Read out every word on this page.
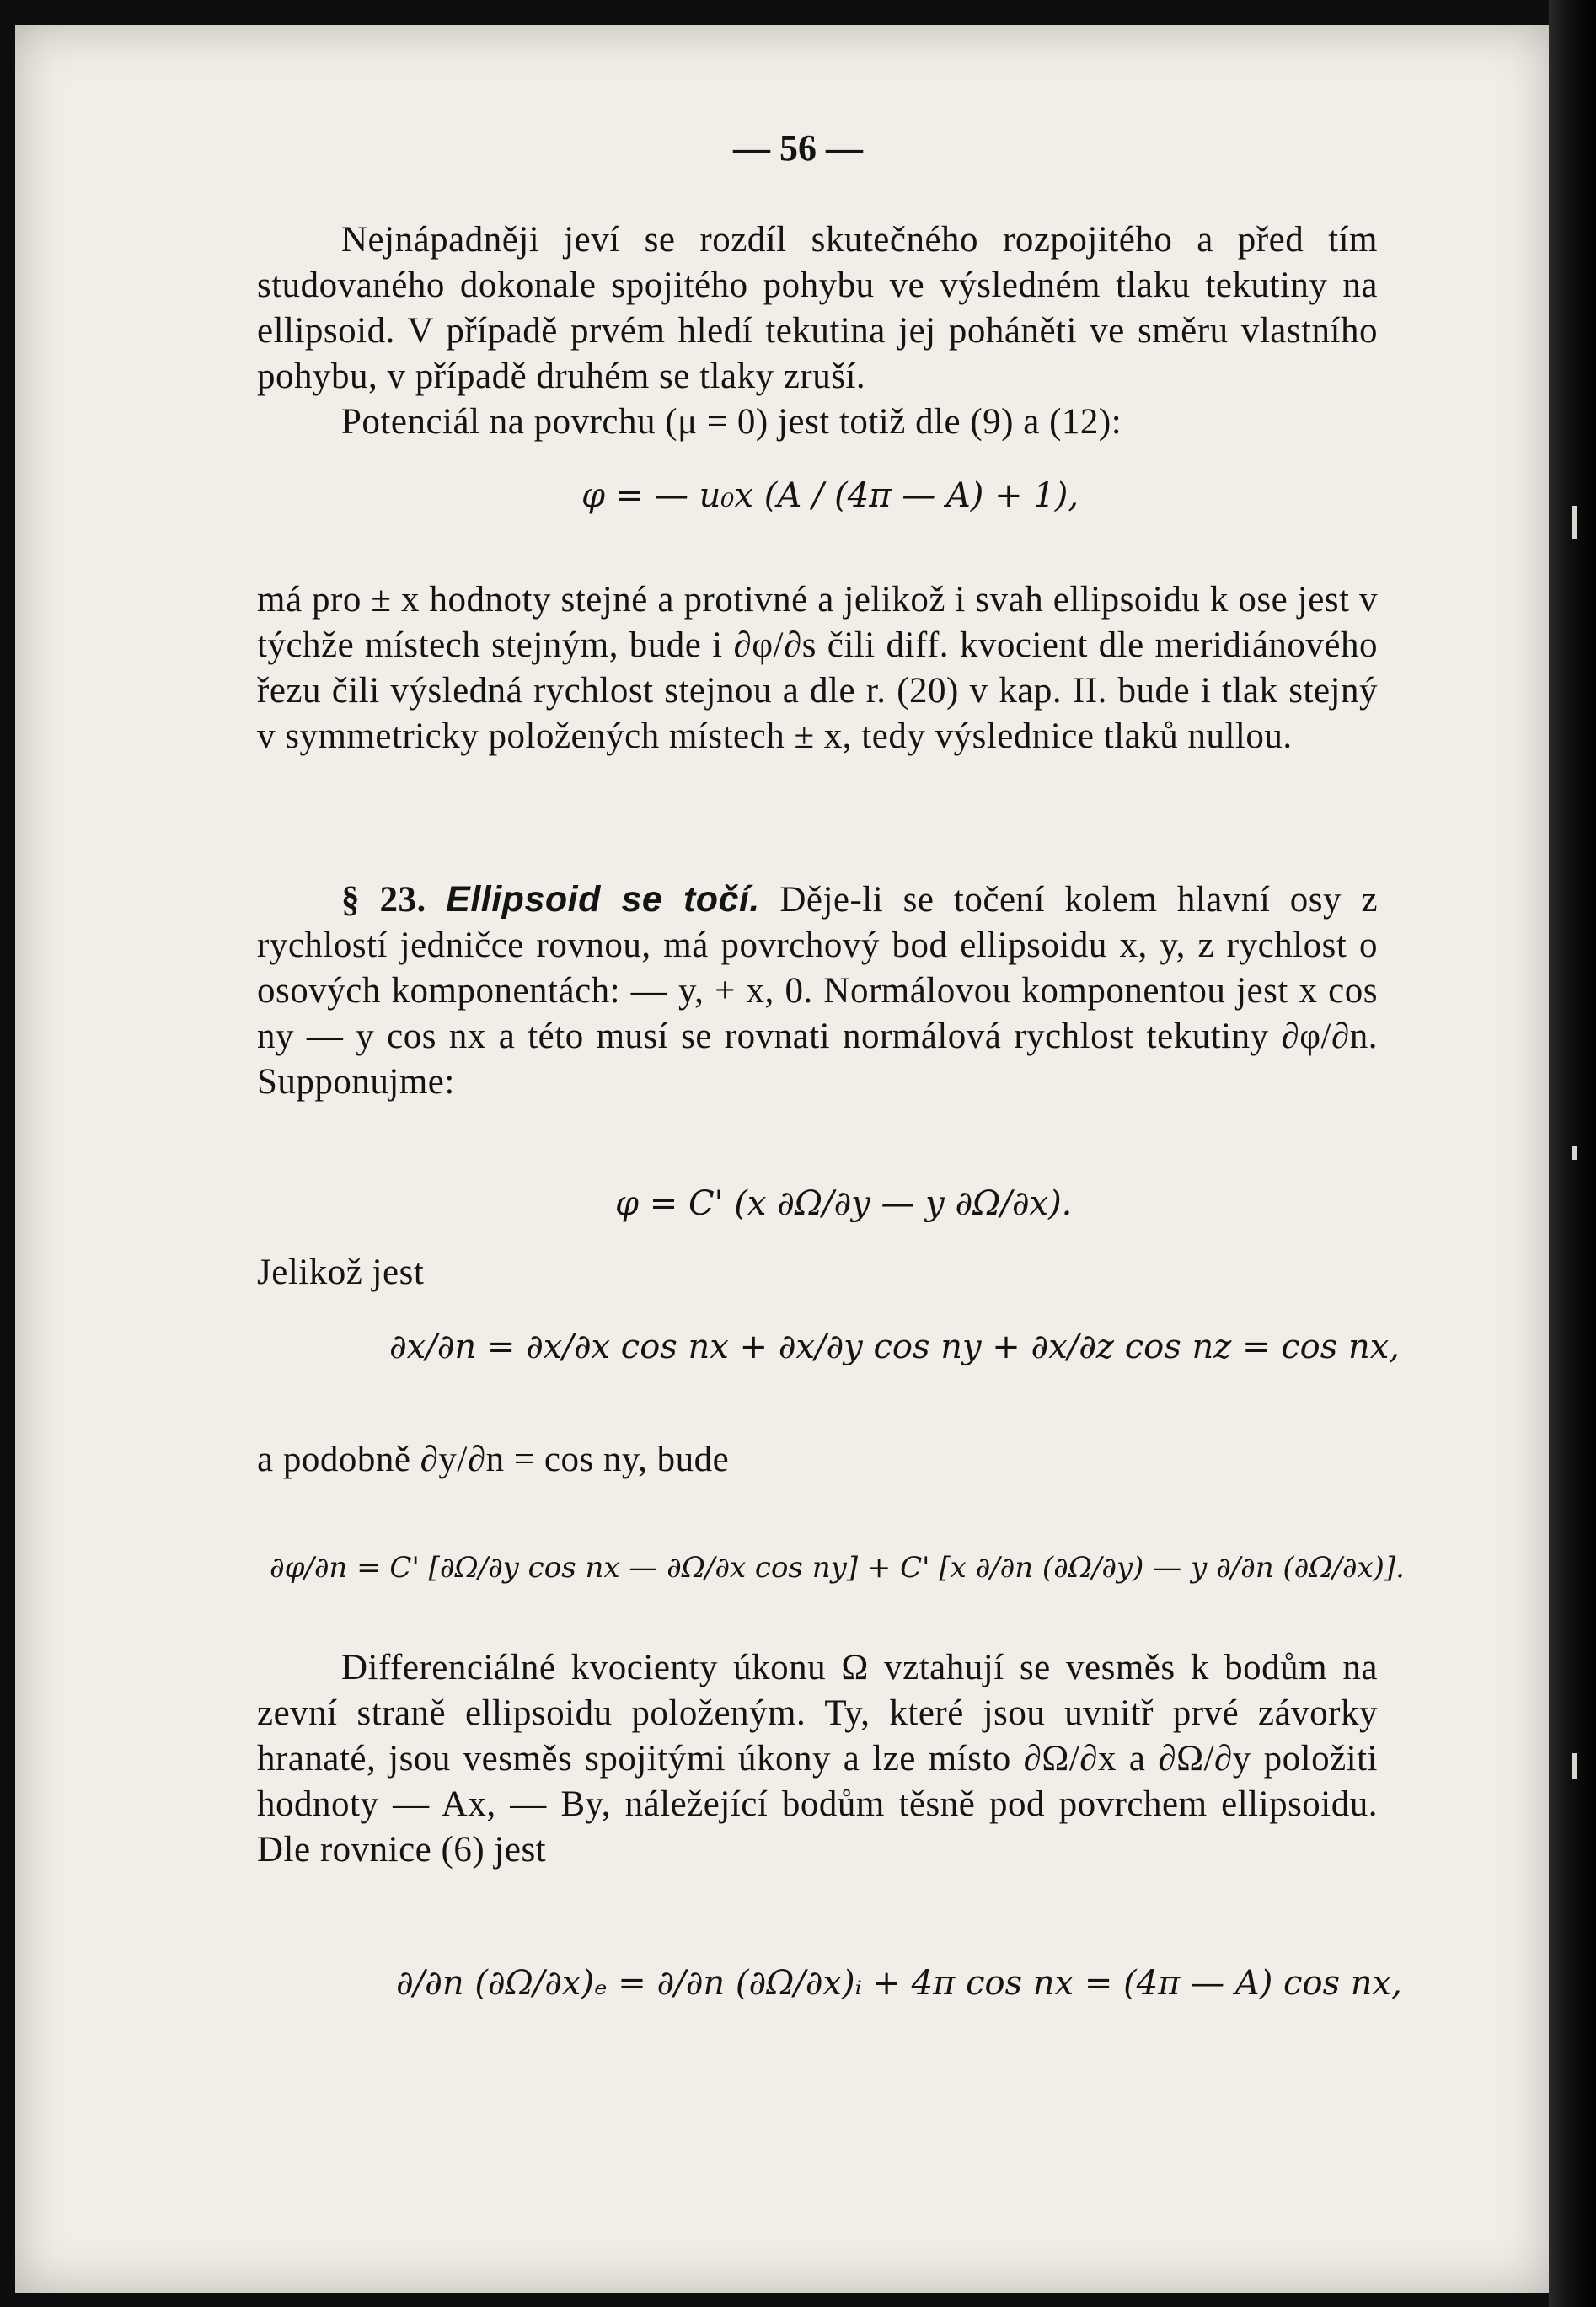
— 56 —

Nejnápadněji jeví se rozdíl skutečného rozpojitého a před tím studovaného dokonale spojitého pohybu ve výsledném tlaku tekutiny na ellipsoid. V případě prvém hledí tekutina jej poháněti ve směru vlastního pohybu, v případě druhém se tlaky zruší.

Potenciál na povrchu (μ = 0) jest totiž dle (9) a (12):

φ = — u₀x (A / (4π — A) + 1),

má pro ± x hodnoty stejné a protivné a jelikož i svah ellipsoidu k ose jest v týchže místech stejným, bude i ∂φ/∂s čili diff. kvocient dle meridiánového řezu čili výsledná rychlost stejnou a dle r. (20) v kap. II. bude i tlak stejný v symmetricky položených místech ± x, tedy výslednice tlaků nullou.

§ 23. Ellipsoid se točí. Děje-li se točení kolem hlavní osy z rychlostí jedničce rovnou, má povrchový bod ellipsoidu x, y, z rychlost o osových komponentách: — y, + x, 0. Normálovou komponentou jest x cos ny — y cos nx a této musí se rovnati normálová rychlost tekutiny ∂φ/∂n. Supponujme:

φ = C' (x ∂Ω/∂y — y ∂Ω/∂x).

Jelikož jest

∂x/∂n = ∂x/∂x cos nx + ∂x/∂y cos ny + ∂x/∂z cos nz = cos nx,

a podobně ∂y/∂n = cos ny, bude

∂φ/∂n = C' [∂Ω/∂y cos nx — ∂Ω/∂x cos ny] + C' [x ∂/∂n (∂Ω/∂y) — y ∂/∂n (∂Ω/∂x)].

Differenciálné kvocienty úkonu Ω vztahují se vesměs k bodům na zevní straně ellipsoidu položeným. Ty, které jsou uvnitř prvé závorky hranaté, jsou vesměs spojitými úkony a lze místo ∂Ω/∂x a ∂Ω/∂y položiti hodnoty — Ax, — By, náležející bodům těsně pod povrchem ellipsoidu. Dle rovnice (6) jest

∂/∂n (∂Ω/∂x)ₑ = ∂/∂n (∂Ω/∂x)ᵢ + 4π cos nx = (4π — A) cos nx,
